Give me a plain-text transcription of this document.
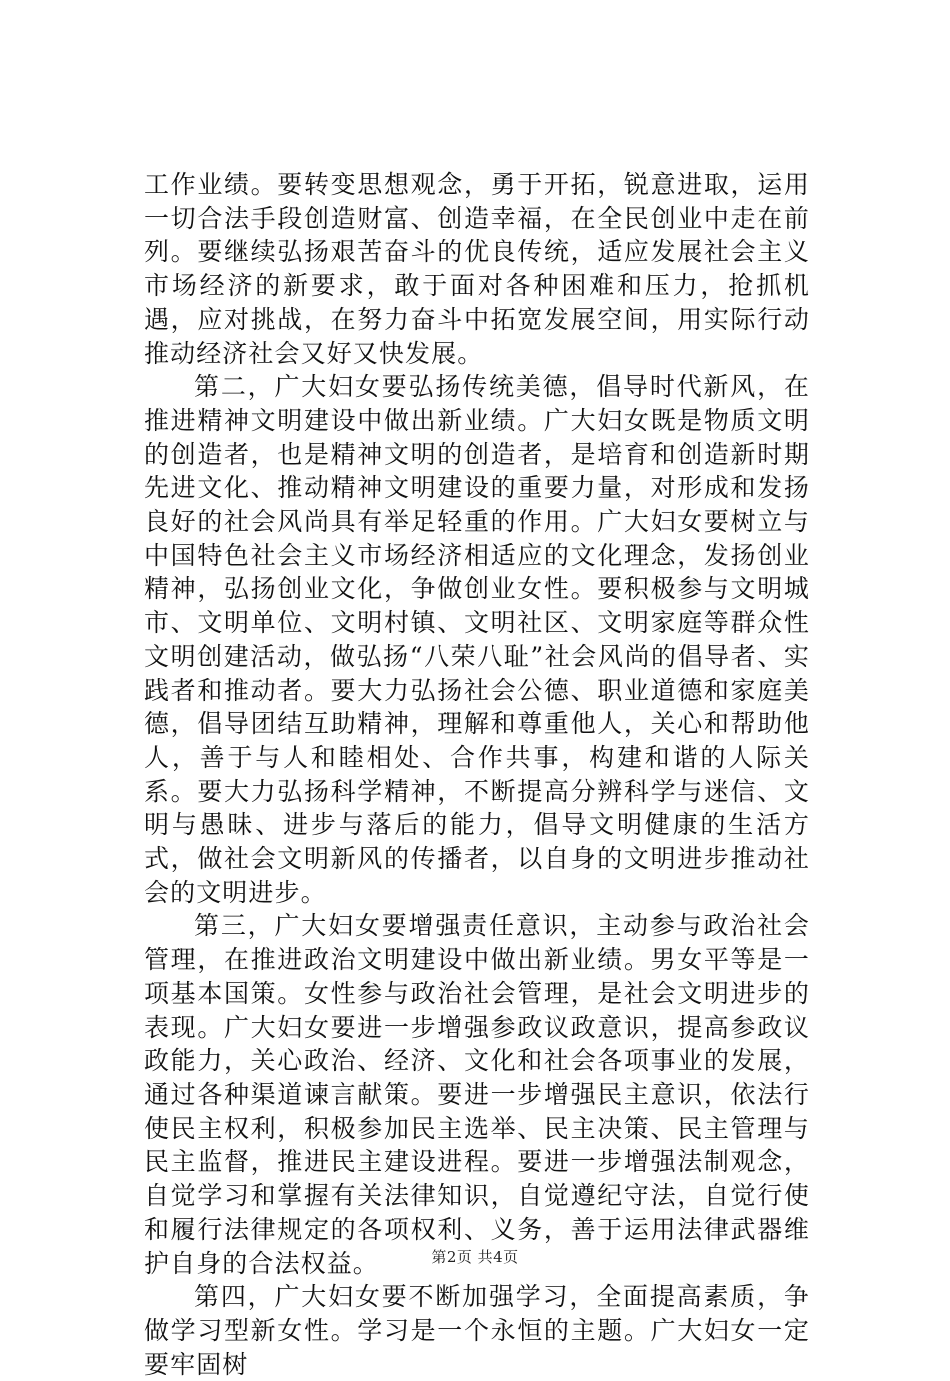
工作业绩。要转变思想观念，勇于开拓，锐意进取，运用一切合法手段创造财富、创造幸福，在全民创业中走在前列。要继续弘扬艰苦奋斗的优良传统，适应发展社会主义市场经济的新要求，敢于面对各种困难和压力，抢抓机遇，应对挑战，在努力奋斗中拓宽发展空间，用实际行动推动经济社会又好又快发展。

第二，广大妇女要弘扬传统美德，倡导时代新风，在推进精神文明建设中做出新业绩。广大妇女既是物质文明的创造者，也是精神文明的创造者，是培育和创造新时期先进文化、推动精神文明建设的重要力量，对形成和发扬良好的社会风尚具有举足轻重的作用。广大妇女要树立与中国特色社会主义市场经济相适应的文化理念，发扬创业精神，弘扬创业文化，争做创业女性。要积极参与文明城市、文明单位、文明村镇、文明社区、文明家庭等群众性文明创建活动，做弘扬“八荣八耻”社会风尚的倡导者、实践者和推动者。要大力弘扬社会公德、职业道德和家庭美德，倡导团结互助精神，理解和尊重他人，关心和帮助他人，善于与人和睦相处、合作共事，构建和谐的人际关系。要大力弘扬科学精神，不断提高分辨科学与迷信、文明与愚昧、进步与落后的能力，倡导文明健康的生活方式，做社会文明新风的传播者，以自身的文明进步推动社会的文明进步。

第三，广大妇女要增强责任意识，主动参与政治社会管理，在推进政治文明建设中做出新业绩。男女平等是一项基本国策。女性参与政治社会管理，是社会文明进步的表现。广大妇女要进一步增强参政议政意识，提高参政议政能力，关心政治、经济、文化和社会各项事业的发展，通过各种渠道谏言献策。要进一步增强民主意识，依法行使民主权利，积极参加民主选举、民主决策、民主管理与民主监督，推进民主建设进程。要进一步增强法制观念，自觉学习和掌握有关法律知识，自觉遵纪守法，自觉行使和履行法律规定的各项权利、义务，善于运用法律武器维护自身的合法权益。

第四，广大妇女要不断加强学习，全面提高素质，争做学习型新女性。学习是一个永恒的主题。广大妇女一定要牢固树

第2页 共4页
